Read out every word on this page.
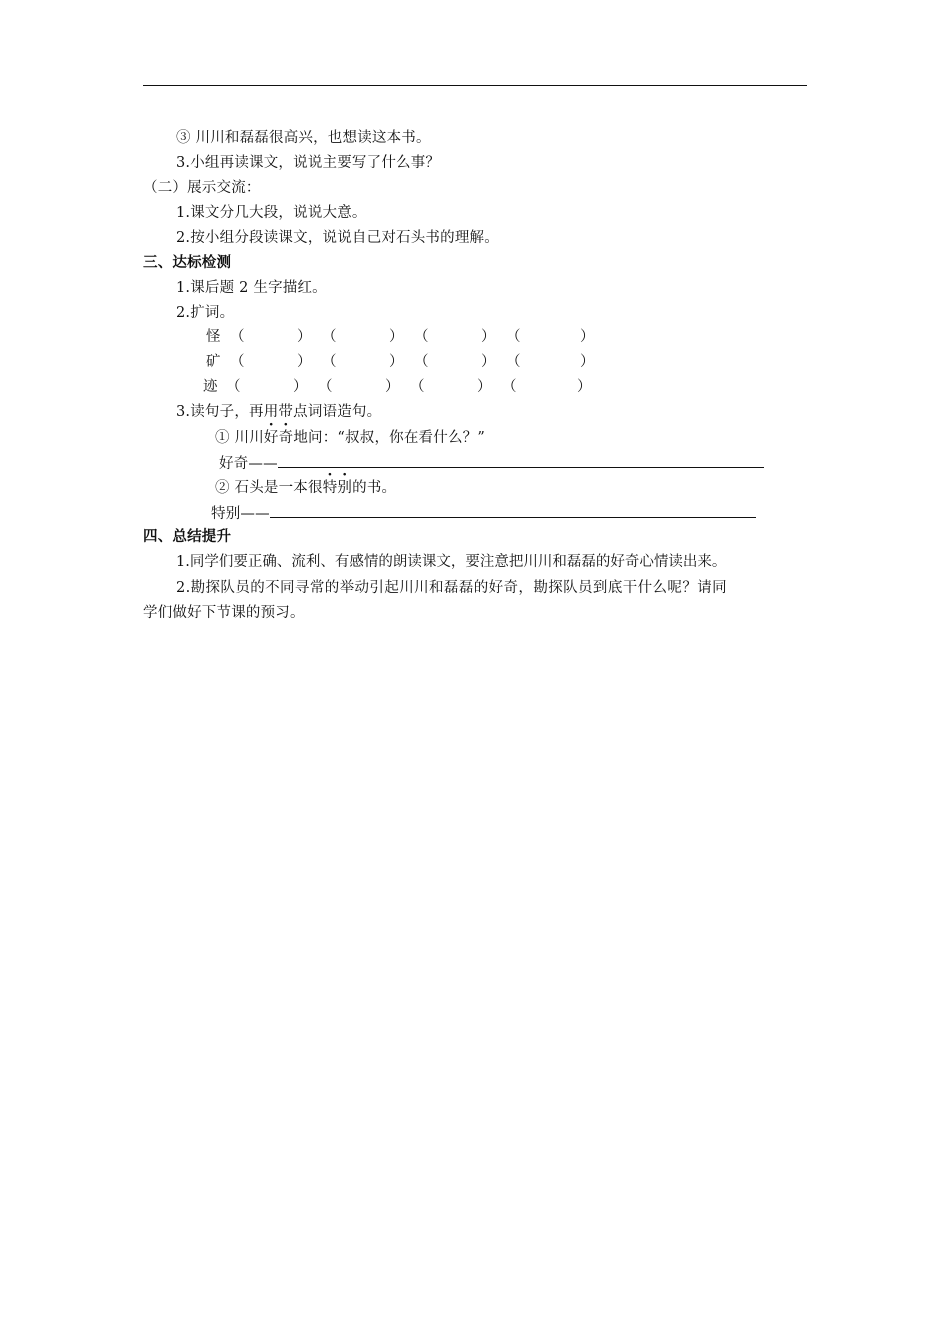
③ 川川和磊磊很高兴，也想读这本书。
3.小组再读课文，说说主要写了什么事？
（二）展示交流：
1.课文分几大段，说说大意。
2.按小组分段读课文，说说自己对石头书的理解。
三、达标检测
1.课后题 2 生字描红。
2.扩词。
怪 （	） （	） （	） （	）
矿 （	） （	） （	） （	）
迹 （	） （	） （	） （	）
3.读句子，再用带点词语造句。
① 川川好奇地问：“叔叔，你在看什么？”
好奇——
② 石头是一本很特别的书。
特别——
四、总结提升
1.同学们要正确、流利、有感情的朗读课文，要注意把川川和磊磊的好奇心情读出来。
2.勘探队员的不同寻常的举动引起川川和磊磊的好奇，勘探队员到底干什么呢？请同
学们做好下节课的预习。
